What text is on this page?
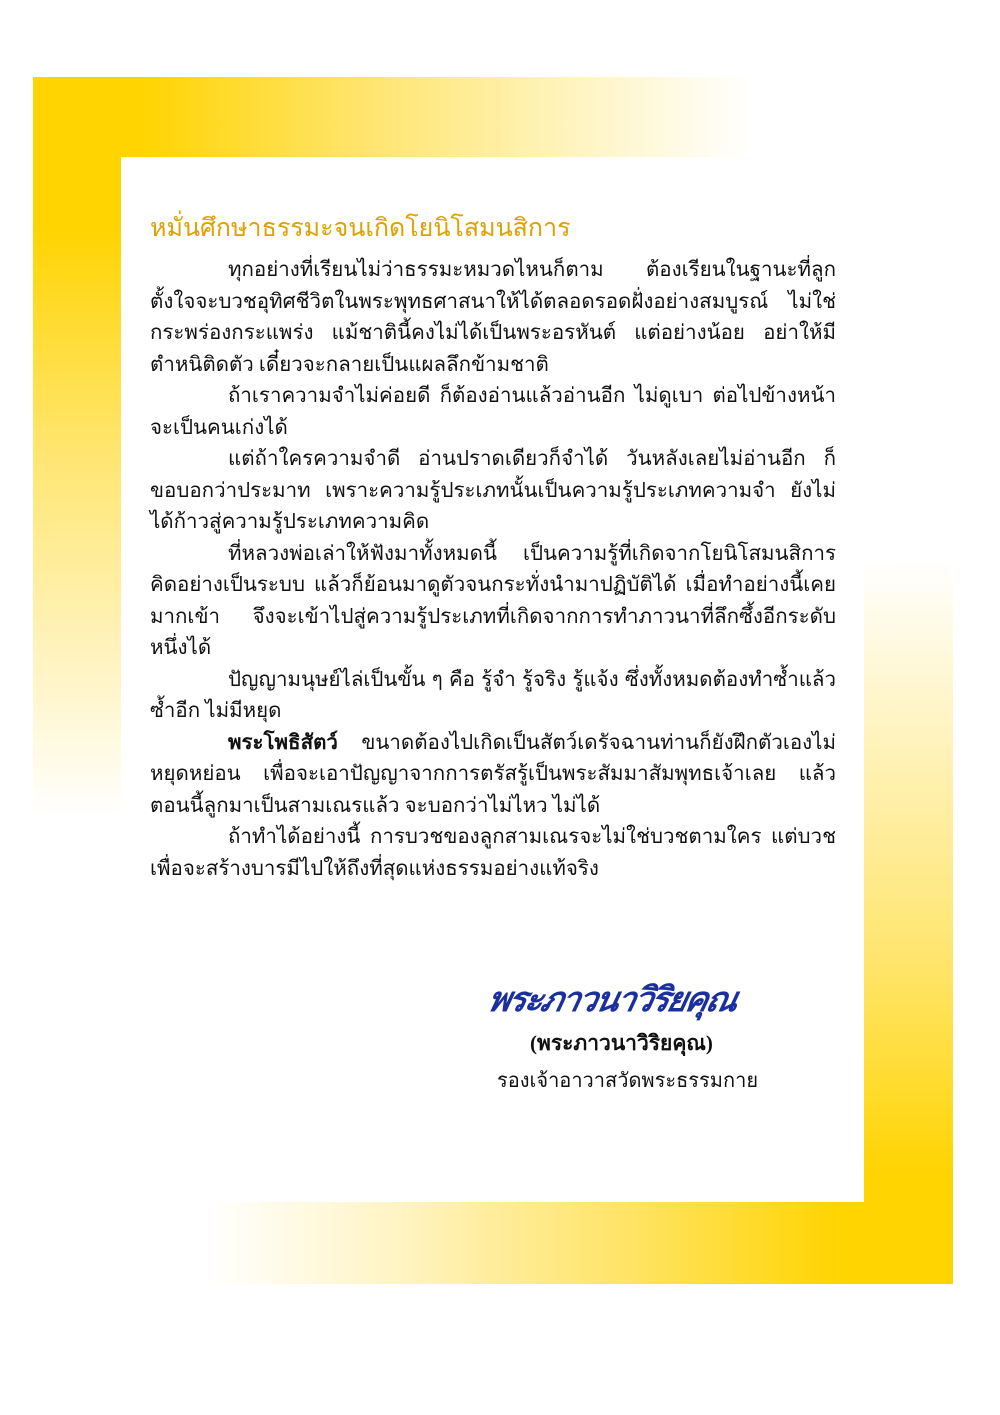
หมั่นศึกษาธรรมะจนเกิดโยนิโสมนสิการ

ทุกอย่างที่เรียนไม่ว่าธรรมะหมวดไหนก็ตาม ต้องเรียนในฐานะที่ลูกตั้งใจจะบวชอุทิศชีวิตในพระพุทธศาสนาให้ได้ตลอดรอดฝั่งอย่างสมบูรณ์ ไม่ใช่กระพร่องกระแพร่ง แม้ชาตินี้คงไม่ได้เป็นพระอรหันต์ แต่อย่างน้อย อย่าให้มีตำหนิติดตัว เดี๋ยวจะกลายเป็นแผลลึกข้ามชาติ

ถ้าเราความจำไม่ค่อยดี ก็ต้องอ่านแล้วอ่านอีก ไม่ดูเบา ต่อไปข้างหน้าจะเป็นคนเก่งได้

แต่ถ้าใครความจำดี อ่านปราดเดียวก็จำได้ วันหลังเลยไม่อ่านอีก ก็ขอบอกว่าประมาท เพราะความรู้ประเภทนั้นเป็นความรู้ประเภทความจำ ยังไม่ได้ก้าวสู่ความรู้ประเภทความคิด

ที่หลวงพ่อเล่าให้ฟังมาทั้งหมดนี้ เป็นความรู้ที่เกิดจากโยนิโสมนสิการ คิดอย่างเป็นระบบ แล้วก็ย้อนมาดูตัวจนกระทั่งนำมาปฏิบัติได้ เมื่อทำอย่างนี้เคยมากเข้า จึงจะเข้าไปสู่ความรู้ประเภทที่เกิดจากการทำภาวนาที่ลึกซึ้งอีกระดับหนึ่งได้

ปัญญามนุษย์ไล่เป็นขั้น ๆ คือ รู้จำ รู้จริง รู้แจ้ง ซึ่งทั้งหมดต้องทำซ้ำแล้วซ้ำอีก ไม่มีหยุด

พระโพธิสัตว์ ขนาดต้องไปเกิดเป็นสัตว์เดรัจฉานท่านก็ยังฝึกตัวเองไม่หยุดหย่อน เพื่อจะเอาปัญญาจากการตรัสรู้เป็นพระสัมมาสัมพุทธเจ้าเลย แล้วตอนนี้ลูกมาเป็นสามเณรแล้ว จะบอกว่าไม่ไหว ไม่ได้

ถ้าทำได้อย่างนี้ การบวชของลูกสามเณรจะไม่ใช่บวชตามใคร แต่บวชเพื่อจะสร้างบารมีไปให้ถึงที่สุดแห่งธรรมอย่างแท้จริง

พระภาวนาวิริยคุณ
(พระภาวนาวิริยคุณ)
รองเจ้าอาวาสวัดพระธรรมกาย
